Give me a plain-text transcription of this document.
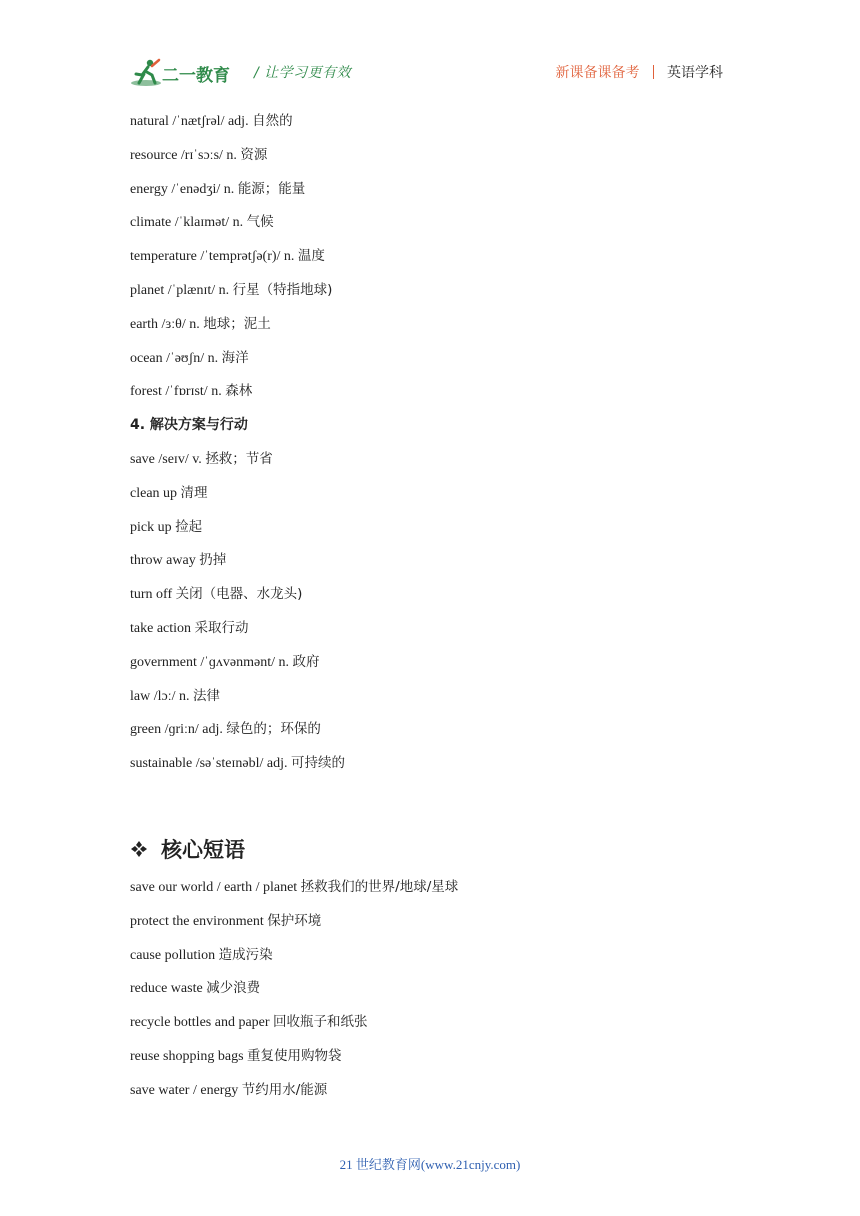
二一教育 / 让学习更有效	新课备课备考 英语学科
natural /ˈnætʃrəl/ adj. 自然的
resource /rɪˈsɔːs/ n. 资源
energy /ˈenədʒi/ n. 能源；能量
climate /ˈklaɪmət/ n. 气候
temperature /ˈtemprətʃə(r)/ n. 温度
planet /ˈplænɪt/ n. 行星（特指地球)
earth /ɜːθ/ n. 地球；泥土
ocean /ˈəʊʃn/ n. 海洋
forest /ˈfɒrɪst/ n. 森林
4. 解决方案与行动
save /seɪv/ v. 拯救；节省
clean up 清理
pick up 捡起
throw away 扔掉
turn off 关闭（电器、水龙头)
take action 采取行动
government /ˈɡʌvənmənt/ n. 政府
law /lɔː/ n. 法律
green /ɡriːn/ adj. 绿色的；环保的
sustainable /səˈsteɪnəbl/ adj. 可持续的
核心短语
save our world / earth / planet 拯救我们的世界/地球/星球
protect the environment 保护环境
cause pollution 造成污染
reduce waste 减少浪费
recycle bottles and paper 回收瓶子和纸张
reuse shopping bags 重复使用购物袋
save water / energy 节约用水/能源
21 世纪教育网(www.21cnjy.com)
